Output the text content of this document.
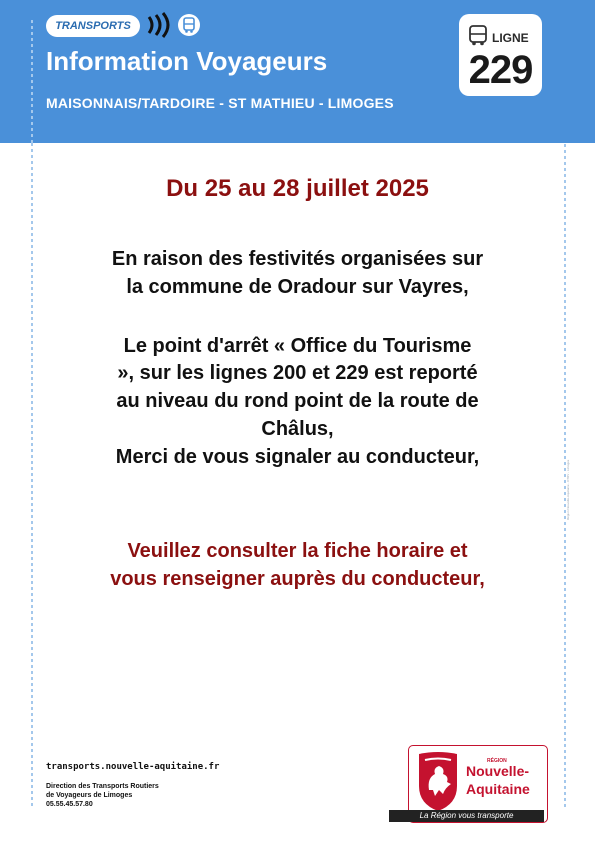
TRANSPORTS
Information Voyageurs
MAISONNAIS/TARDOIRE - ST MATHIEU - LIMOGES
LIGNE
229
Région Nouvelle-Aquitaine - DTRV - Limoges
Du 25 au 28 juillet 2025
En raison des festivités organisées sur
la commune de Oradour sur Vayres,
Le point d'arrêt « Office du Tourisme
», sur les lignes 200 et 229 est reporté
au niveau du rond point de la route de
Châlus,
Merci de vous signaler au conducteur,
Veuillez consulter la fiche horaire et
vous renseigner auprès du conducteur,
transports.nouvelle-aquitaine.fr
Direction des Transports Routiers
de Voyageurs de Limoges
05.55.45.57.80
RÉGION
Nouvelle-
Aquitaine
La Région vous transporte
